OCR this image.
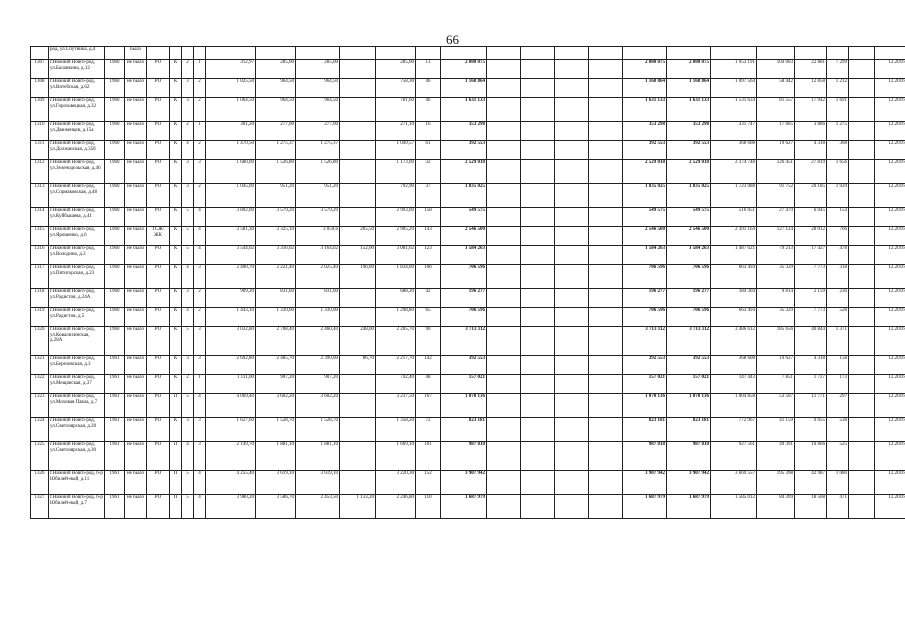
66
	род, ул.Спутника, д.4		было																								
1307	г.Нижний Новго-род, ул.Баланкина, д.12	1960	не было	РО	К	2	1	312,97	285,00	285,00		285,00	13	2 080 075					2 080 075	2 080 075	1 953 191	104 003	22 881	7 299		12.2016	
1308	г.Нижний Новго-род, ул.Витебская, д.62	1960	не было	РО	К	3	2	1 025,50	964,50	964,50		758,30	46	1 168 864					1 168 864	1 168 864	1 097 564	58 442	12 858	1 212		12.2016	
1309	г.Нижний Новго-род, ул.Гороховецкая, д.32	1960	не было	РО	К	3	2	1 064,50	964,50	964,50		781,60	46	1 631 133					1 631 133	1 631 133	1 531 634	81 557	17 942	1 691		12.2016	
1310	г.Нижний Новго-род, ул.Движенцев, д.15а	1960	не было	РО	К	2	1	301,20	277,00	277,00		271,10	16	353 298					353 298	353 298	331 747	17 665	3 886	1 275		12.2016	
1311	г.Нижний Новго-род, ул.Должанская, д.35б	1960	не было	РО	К	4	2	1 470,50	1 275,37	1 275,37		1 049,57	61	392 553					392 553	392 553	368 608	19 627	4 318	308		12.2016	
1312	г.Нижний Новго-род, ул.Зеленодольская, д.46	1960	не было	РО	К	3	3	1 680,00	1 526,80	1 526,80		1 173,00	32	2 529 018					2 529 018	2 529 018	2 374 748	126 451	27 819	1 656		12.2016	
1313	г.Нижний Новго-род, ул.Сормаковская, д.48	1960	не было	РО	К	3	2	1 045,00	951,20	951,20		792,90	37	1 835 025					1 835 025	1 835 025	1 723 088	91 752	20 185	1 929		12.2016	
1314	г.Нижний Новго-род, ул.Куйбышева, д.41	1960	не было	РО	К	5	4	3 802,00	3 579,20	3 579,20		2 993,00	158	549 575					549 575	549 575	516 051	27 479	6 045	154		12.2016	
1315	г.Нижний Новго-род, ул.Ярошенко, д.6	1960	не было	ТСЖ/ЖК	К	5	4	3 581,30	3 325,10	3 059,6	265,50	2 905,20	143	2 546 500					2 546 500	2 546 500	2 391 164	127 124	28 012	766		12.2016	
1316	г.Нижний Новго-род, ул.Володина, д.3	1960	не было	РО	К	5	4	3 544,02	3 316,02	3 164,02	152,00	3 081,62	123	1 584 263					1 584 263	1 584 263	1 487 621	79 213	17 427	478		12.2016	
1317	г.Нижний Новго-род, ул.Пятигорская, д.23	1960	не было	РО	К	4	3	2 400,70	2 221,40	2 025,40	196,00	1 834,00	106	706 596					706 596	706 596	663 494	35 329	7 773	318		12.2016	
1318	г.Нижний Новго-род, ул.Радистов, д.24А	1960	не было	РО	К	3	2	909,20	831,60	831,60		688,20	42	196 277					196 277	196 277	184 304	9 814	2 159	236		12.2016	
1319	г.Нижний Новго-род, ул.Радистов, д.5	1960	не было	РО	К	4	2	1 443,10	1 339,00	1 339,00		1 298,80	65	706 596					706 596	706 596	663 494	35 329	7 773	528		12.2016	
1320	г.Нижний Новго-род, ул.Ковалихинская, д.28А	1960	не было	РО	К	5	3	3 032,80	2 708,40	2 460,40	248,00	2 205,70	90	3 713 112					3 713 112	3 713 112	3 486 612	185 656	40 844	1 371		12.2016	
1321	г.Нижний Новго-род, ул.Березовская, д.3	1961	не было	РО	К	3	3	2 692,80	2 485,70	2 399,00	86,70	2 217,70	142	392 553					392 553	392 553	368 608	19 627	4 318	158		12.2016	
1322	г.Нижний Новго-род, ул.Мещанская, д.37	1961	не было	РО	К	2	1	1 111,00	907,20	907,20		742,40	48	157 021					157 021	157 021	147 443	7 851	1 727	173		12.2016	
1323	г.Нижний Новго-род, ул.Моховая Павла, д.7	1961	не было	РО	П	5	4	4 069,40	3 602,20	3 602,20		3 237,50	167	1 070 136					1 070 136	1 070 136	1 004 858	53 507	11 771	297		12.2016	
1324	г.Нижний Новго-род, ул.Светлоярская, д.28	1961	не было	РО	К	3	3	1 627,60	1 528,70	1 528,70		1 358,20	72	823 181					823 181	823 181	772 967	41 159	9 055	538		12.2016	
1325	г.Нижний Новго-род, ул.Светлоярская, д.30	1961	не было	РО	П	4	3	2 149,70	1 881,10	1 881,10		1 669,10	101	987 818					987 818	987 818	927 561	49 391	10 866	525		12.2016	
1326	г.Нижний Новго-род, б-р Юбилей-ный, д.11	1961	не было	РО	П	5	4	4 255,40	3 619,10	3 619,10		3 220,30	152	3 907 942					3 907 942	3 907 942	3 669 557	195 398	42 987	1 080		12.2016	
1327	г.Нижний Новго-род, б-р Юбилей-ный, д.7	1961	не было	РО	П	5	4	3 980,20	3 586,70	2 453,50	1 133,20	2 246,80	110	1 687 979					1 687 979	1 687 979	1 585 012	84 399	18 568	471		12.2016	
